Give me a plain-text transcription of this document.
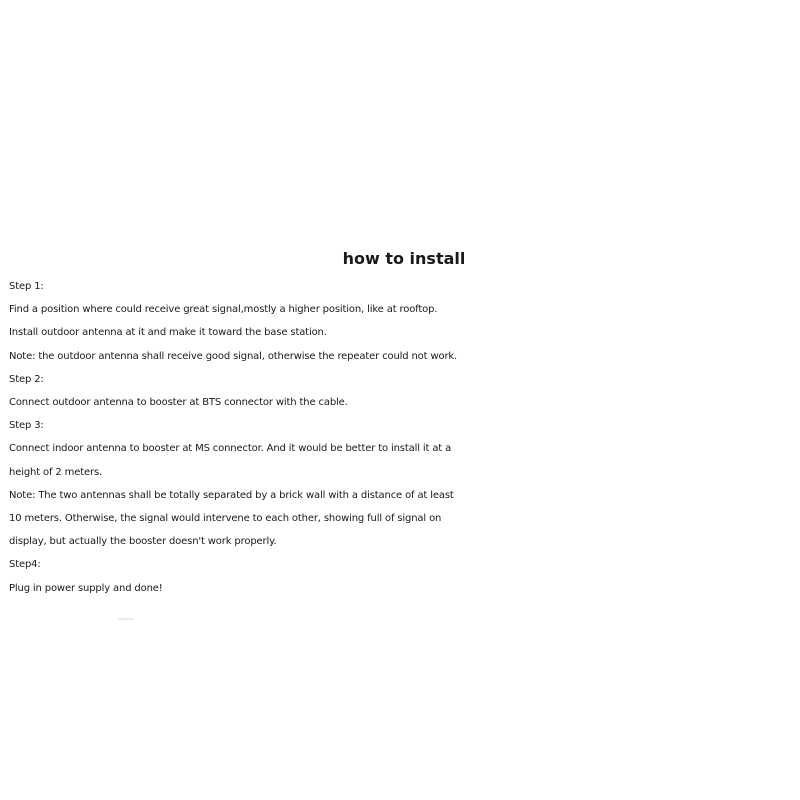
how to install
Step 1:
Find a position where could receive great signal,mostly a higher position, like at rooftop.
Install outdoor antenna at it and make it toward the base station.
Note: the outdoor antenna shall receive good signal, otherwise the repeater could not work.
Step 2:
Connect outdoor antenna to booster at BTS connector with the cable.
Step 3:
Connect indoor antenna to booster at MS connector. And it would be better to install it at a
height of 2 meters.
Note: The two antennas shall be totally separated by a brick wall with a distance of at least
10 meters. Otherwise, the signal would intervene to each other, showing full of signal on
display, but actually the booster doesn't work properly.
Step4:
Plug in power supply and done!
